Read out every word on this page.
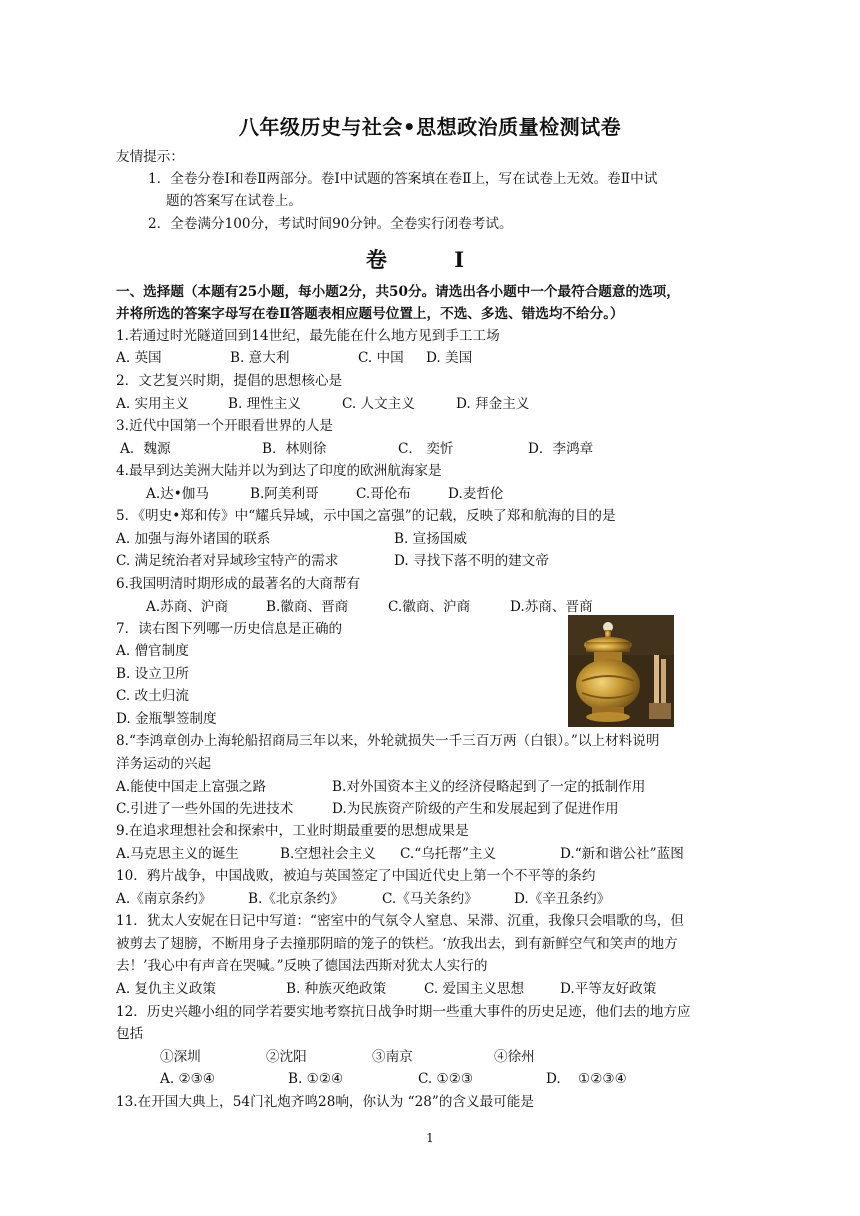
八年级历史与社会•思想政治质量检测试卷
友情提示：
1．全卷分卷Ⅰ和卷Ⅱ两部分。卷Ⅰ中试题的答案填在卷Ⅱ上，写在试卷上无效。卷Ⅱ中试
题的答案写在试卷上。
2．全卷满分100分，考试时间90分钟。全卷实行闭卷考试。
卷 Ⅰ
一、选择题（本题有25小题，每小题2分，共50分。请选出各小题中一个最符合题意的选项，
并将所选的答案字母写在卷Ⅱ答题表相应题号位置上，不选、多选、错选均不给分。）
1.若通过时光隧道回到14世纪，最先能在什么地方见到手工工场
A. 英国	B. 意大利	C. 中国 D. 美国
2．文艺复兴时期，提倡的思想核心是
A. 实用主义	B. 理性主义	C. 人文主义	D. 拜金主义
3.近代中国第一个开眼看世界的人是
A．魏源	B．林则徐	C． 奕忻	D．李鸿章
4.最早到达美洲大陆并以为到达了印度的欧洲航海家是
A.达•伽马	B.阿美利哥	C.哥伦布	D.麦哲伦
5．《明史•郑和传》中“耀兵异域，示中国之富强”的记载，反映了郑和航海的目的是
A. 加强与海外诸国的联系	B. 宣扬国威
C. 满足统治者对异域珍宝特产的需求	D. 寻找下落不明的建文帝
6.我国明清时期形成的最著名的大商帮有
A.苏商、沪商	B.徽商、晋商	C.徽商、沪商	D.苏商、晋商
7．读右图下列哪一历史信息是正确的
A. 僧官制度
B. 设立卫所
C. 改土归流
D. 金瓶掣签制度
8.“李鸿章创办上海轮船招商局三年以来，外轮就损失一千三百万两（白银）。”以上材料说明
洋务运动的兴起
A.能使中国走上富强之路	B.对外国资本主义的经济侵略起到了一定的抵制作用
C.引进了一些外国的先进技术	D.为民族资产阶级的产生和发展起到了促进作用
9.在追求理想社会和探索中，工业时期最重要的思想成果是
A.马克思主义的诞生	B.空想社会主义 C.“乌托帮”主义	D.“新和谐公社”蓝图
10．鸦片战争，中国战败，被迫与英国签定了中国近代史上第一个不平等的条约
A.《南京条约》	B.《北京条约》	C.《马关条约》	D.《辛丑条约》
11．犹太人安妮在日记中写道：“密室中的气氛令人窒息、呆滞、沉重，我像只会唱歌的鸟，但
被剪去了翅膀，不断用身子去撞那阴暗的笼子的铁栏。‘放我出去，到有新鲜空气和笑声的地方
去！’我心中有声音在哭喊。”反映了德国法西斯对犹太人实行的
A. 复仇主义政策	B. 种族灭绝政策	C. 爱国主义思想	D.平等友好政策
12．历史兴趣小组的同学若要实地考察抗日战争时期一些重大事件的历史足迹，他们去的地方应
包括
①深圳	②沈阳	③南京	④徐州
A. ②③④	B. ①②④	C. ①②③	D.    ①②③④
13.在开国大典上，54门礼炮齐鸣28响，你认为 “28”的含义最可能是
1
